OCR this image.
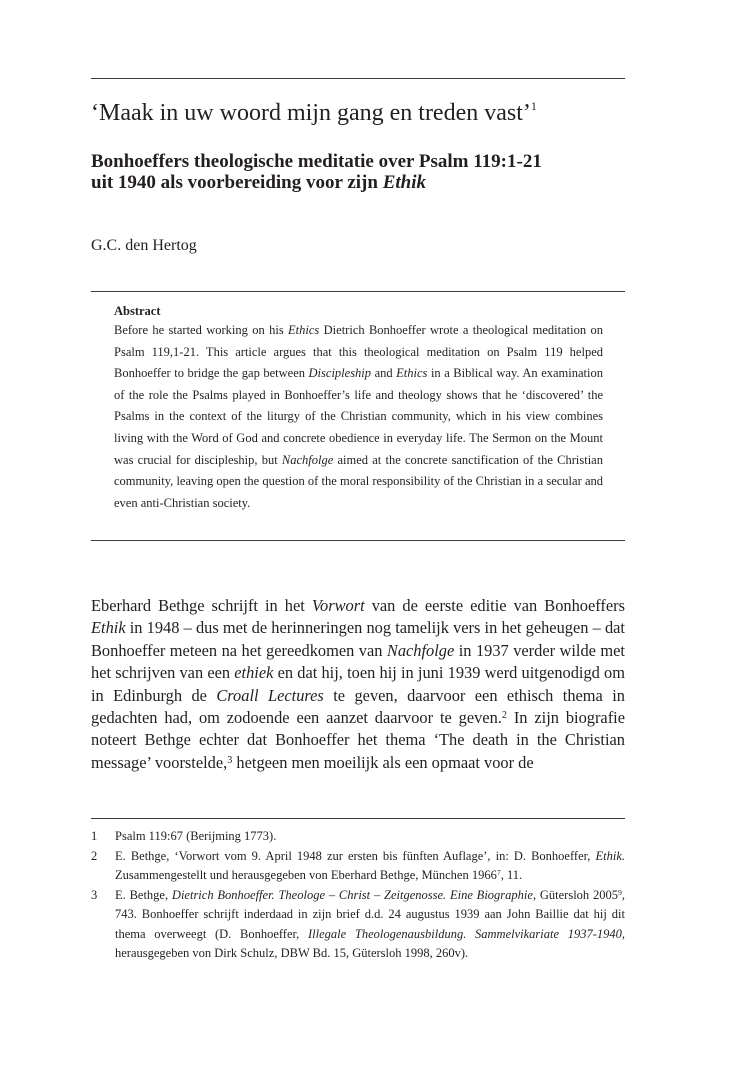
‘Maak in uw woord mijn gang en treden vast’$^1$
Bonhoeffers theologische meditatie over Psalm 119:1-21
uit 1940 als voorbereiding voor zijn Ethik

G.C. den Hertog

Abstract

Before he started working on his Ethics Dietrich Bonhoeffer wrote a theological meditation on Psalm 119,1-21. This article argues that this theological meditation on Psalm 119 helped Bonhoeffer to bridge the gap between Discipleship and Ethics in a Biblical way. An examination of the role the Psalms played in Bonhoeffer’s life and theology shows that he ‘discovered’ the Psalms in the context of the liturgy of the Christian community, which in his view combines living with the Word of God and concrete obedience in everyday life. The Sermon on the Mount was crucial for discipleship, but Nachfolge aimed at the concrete sanctification of the Christian community, leaving open the question of the moral responsibility of the Christian in a secular and even anti-Christian society.

Eberhard Bethge schrijft in het Vorwort van de eerste editie van Bonhoeffers Ethik in 1948 – dus met de herinneringen nog tamelijk vers in het geheugen – dat Bonhoeffer meteen na het gereedkomen van Nachfolge in 1937 verder wilde met het schrijven van een ethiek en dat hij, toen hij in juni 1939 werd uitgenodigd om in Edinburgh de Croall Lectures te geven, daarvoor een ethisch thema in gedachten had, om zodoende een aanzet daarvoor te geven.$^2$ In zijn biografie noteert Bethge echter dat Bonhoeffer het thema ‘The death in the Christian message’ voorstelde,$^3$ hetgeen men moeilijk als een opmaat voor de

1	Psalm 119:67 (Berijming 1773).
2	E. Bethge, ‘Vorwort vom 9. April 1948 zur ersten bis fünften Auflage’, in: D. Bonhoeffer, Ethik. Zusammengestellt und herausgegeben von Eberhard Bethge, München 1966$^7$, 11.
3	E. Bethge, Dietrich Bonhoeffer. Theologe – Christ – Zeitgenosse. Eine Biographie, Gütersloh 2005$^9$, 743. Bonhoeffer schrijft inderdaad in zijn brief d.d. 24 augustus 1939 aan John Baillie dat hij dit thema overweegt (D. Bonhoeffer, Illegale Theologenausbildung. Sammelvikariate 1937-1940, herausgegeben von Dirk Schulz, DBW Bd. 15, Gütersloh 1998, 260v).
